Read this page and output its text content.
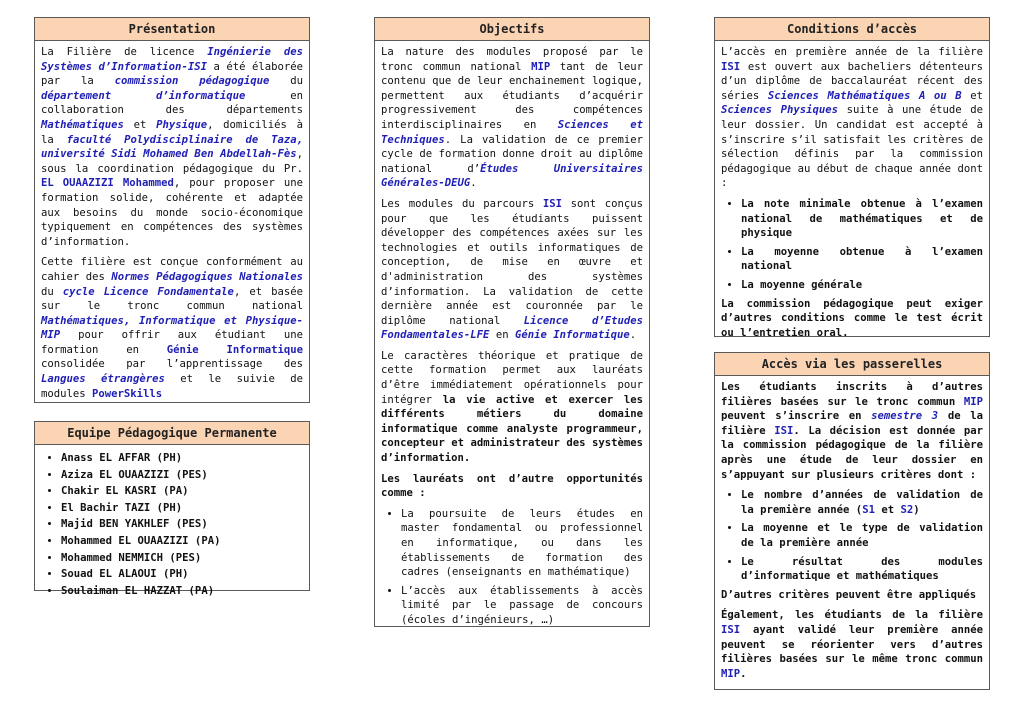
Présentation

La Filière de licence Ingénierie des Systèmes d’Information-ISI a été élaborée par la commission pédagogique du département d’informatique en collaboration des départements Mathématiques et Physique, domiciliés à la faculté Polydisciplinaire de Taza, université Sidi Mohamed Ben Abdellah-Fès, sous la coordination pédagogique du Pr. EL OUAAZIZI Mohammed, pour proposer une formation solide, cohérente et adaptée aux besoins du monde socio-économique typiquement en compétences des systèmes d’information.

Cette filière est conçue conformément au cahier des Normes Pédagogiques Nationales du cycle Licence Fondamentale, et basée sur le tronc commun national Mathématiques, Informatique et Physique-MIP pour offrir aux étudiant une formation en Génie Informatique consolidée par l’apprentissage des Langues étrangères et le suivie de modules PowerSkills

Equipe Pédagogique Permanente
• Anass EL AFFAR (PH)
• Aziza EL OUAAZIZI (PES)
• Chakir EL KASRI (PA)
• El Bachir TAZI (PH)
• Majid BEN YAKHLEF (PES)
• Mohammed EL OUAAZIZI (PA)
• Mohammed NEMMICH (PES)
• Souad EL ALAOUI (PH)
• Soulaiman EL HAZZAT (PA)
Objectifs

La nature des modules proposé par le tronc commun national MIP tant de leur contenu que de leur enchainement logique, permettent aux étudiants d’acquérir progressivement des compétences interdisciplinaires en Sciences et Techniques. La validation de ce premier cycle de formation donne droit au diplôme national d’Études Universitaires Générales-DEUG.

Les modules du parcours ISI sont conçus pour que les étudiants puissent développer des compétences axées sur les technologies et outils informatiques de conception, de mise en œuvre et d'administration des systèmes d’information. La validation de cette dernière année est couronnée par le diplôme national Licence d’Etudes Fondamentales-LFE en Génie Informatique.

Le caractères théorique et pratique de cette formation permet aux lauréats d’être immédiatement opérationnels pour intégrer la vie active et exercer les différents métiers du domaine informatique comme analyste programmeur, concepteur et administrateur des systèmes d’information.

Les lauréats ont d’autre opportunités comme :

• La poursuite de leurs études en master fondamental ou professionnel en informatique, ou dans les établissements de formation des cadres (enseignants en mathématique)
• L’accès aux établissements à accès limité par le passage de concours (écoles d’ingénieurs, …)
Conditions d’accès

L’accès en première année de la filière ISI est ouvert aux bacheliers détenteurs d’un diplôme de baccalauréat récent des séries Sciences Mathématiques A ou B et Sciences Physiques suite à une étude de leur dossier. Un candidat est accepté à s’inscrire s’il satisfait les critères de sélection définis par la commission pédagogique au début de chaque année dont :

• La note minimale obtenue à l’examen national de mathématiques et de physique
• La moyenne obtenue à l’examen national
• La moyenne générale

La commission pédagogique peut exiger d’autres conditions comme le test écrit ou l’entretien oral.

Accès via les passerelles

Les étudiants inscrits à d’autres filières basées sur le tronc commun MIP peuvent s’inscrire en semestre 3 de la filière ISI. La décision est donnée par la commission pédagogique de la filière après une étude de leur dossier en s’appuyant sur plusieurs critères dont :

• Le nombre d’années de validation de la première année (S1 et S2)
• La moyenne et le type de validation de la première année
• Le résultat des modules d’informatique et mathématiques

D’autres critères peuvent être appliqués

Également, les étudiants de la filière ISI ayant validé leur première année peuvent se réorienter vers d’autres filières basées sur le même tronc commun MIP.
